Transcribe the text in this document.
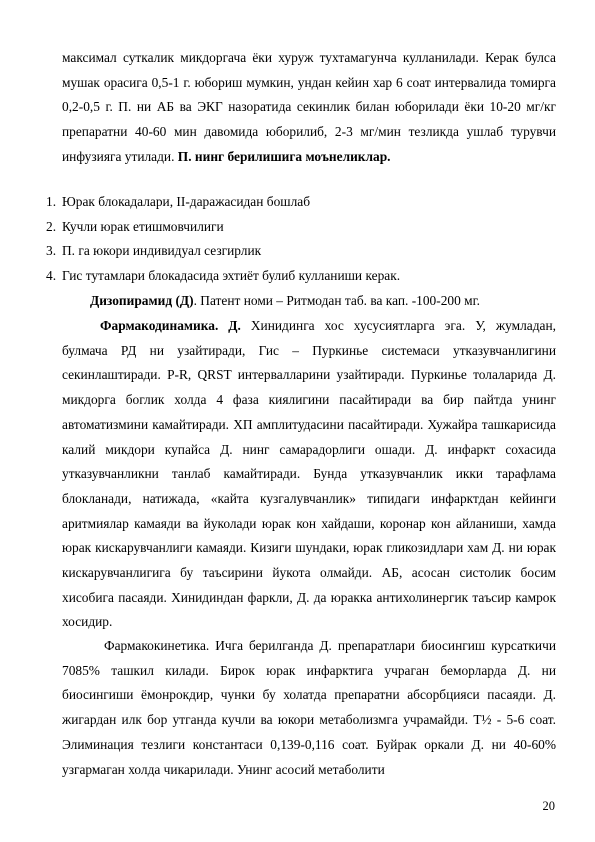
максимал суткалик микдоргача ёки хуруж тухтамагунча кулланилади. Керак булса мушак орасига 0,5-1 г. юбориш мумкин, ундан кейин хар 6 соат интервалида томирга 0,2-0,5 г. П. ни АБ ва ЭКГ назоратида секинлик билан юборилади ёки 10-20 мг/кг препаратни 40-60 мин давомида юборилиб, 2-3 мг/мин тезликда ушлаб турувчи инфузияга утилади. П. нинг берилишига моънеликлар.

1. Юрак блокадалари, II-даражасидан бошлаб
2. Кучли юрак етишмовчилиги
3. П. га юкори индивидуал сезгирлик
4. Гис тутамлари блокадасида эхтиёт булиб кулланиши керак.

Дизопирамид (Д). Патент номи – Ритмодан таб. ва кап. -100-200 мг.

Фармакодинамика. Д. Хинидинга хос хусусиятларга эга. У, жумладан, булмача РД ни узайтиради, Гис – Пуркинье системаси утказувчанлигини секинлаштиради. P-R, QRST интервалларини узайтиради. Пуркинье толаларида Д. микдорга боглик холда 4 фаза киялигини пасайтиради ва бир пайтда унинг автоматизмини камайтиради. ХП амплитудасини пасайтиради. Хужайра ташкарисида калий микдори купайса Д. нинг самарадорлиги ошади. Д. инфаркт сохасида утказувчанликни танлаб камайтиради. Бунда утказувчанлик икки тарафлама блокланади, натижада, «кайта кузгалувчанлик» типидаги инфарктдан кейинги аритмиялар камаяди ва йуколади юрак кон хайдаши, коронар кон айланиши, хамда юрак кискарувчанлиги камаяди. Кизиги шундаки, юрак гликозидлари хам Д. ни юрак кискарувчанлигига бу таъсирини йукота олмайди. АБ, асосан систолик босим хисобига пасаяди. Хинидиндан фаркли, Д. да юракка антихолинергик таъсир камрок хосидир.

Фармакокинетика. Ичга берилганда Д. препаратлари биосингиш курсаткичи 7085% ташкил килади. Бирок юрак инфарктига учраган беморларда Д. ни биосингиши ёмонрокдир, чунки бу холатда препаратни абсорбцияси пасаяди. Д. жигардан илк бор утганда кучли ва юкори метаболизмга учрамайди. T½ - 5-6 соат. Элиминация тезлиги константаси 0,139-0,116 соат. Буйрак оркали Д. ни 40-60% узгармаган холда чикарилади. Унинг асосий метаболити

20
